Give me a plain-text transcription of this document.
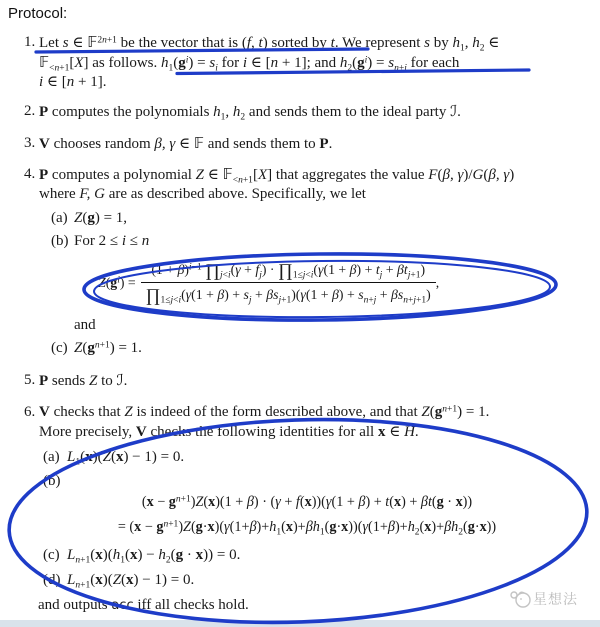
Protocol:
1. Let s ∈ 𝔽$^{2n+1}$ be the vector that is (f, t) sorted by t. We represent s by $h_1$, $h_2$ ∈
𝔽$_{<n+1}$[X] as follows. $h_1(g^i) = s_i$ for i ∈ [n + 1]; and $h_2(g^i) = s_{n+i}$ for each
i ∈ [n + 1].
2. P computes the polynomials $h_1$, $h_2$ and sends them to the ideal party ℐ.
3. V chooses random β, γ ∈ 𝔽 and sends them to P.
4. P computes a polynomial Z ∈ 𝔽$_{<n+1}$[X] that aggregates the value F(β, γ)/G(β, γ)
where F, G are as described above. Specifically, we let
(a) Z(g) = 1,
(b) For 2 ≤ i ≤ n
$Z(g^i) = \frac{(1 + \beta)^{i-1} \prod_{j<i}(\gamma + f_j) \cdot \prod_{1\le j<i}(\gamma(1 + \beta) + t_j + \beta t_{j+1})}{\prod_{1\le j<i}(\gamma(1 + \beta) + s_j + \beta s_{j+1})(\gamma(1 + \beta) + s_{n+j} + \beta s_{n+j+1})}$ ,
and
(c) $Z(g^{n+1}) = 1$.
5. P sends Z to ℐ.
6. V checks that Z is indeed of the form described above, and that $Z(g^{n+1}) = 1$.
More precisely, V checks the following identities for all x ∈ H.
(a) $L_1(x)(Z(x) - 1) = 0$.
(b)
$(x - g^{n+1})Z(x)(1 + \beta) \cdot (\gamma + f(x))(\gamma(1 + \beta) + t(x) + \beta t(g \cdot x))$
= $(x - g^{n+1})Z(g\cdot x)(\gamma(1+\beta)+h_1(x)+\beta h_1(g\cdot x))(\gamma(1+\beta)+h_2(x)+\beta h_2(g\cdot x))$
(c) $L_{n+1}(x)(h_1(x) - h_2(g \cdot x)) = 0$.
(d) $L_{n+1}(x)(Z(x) - 1) = 0$.
and outputs acc iff all checks hold.	星想法
